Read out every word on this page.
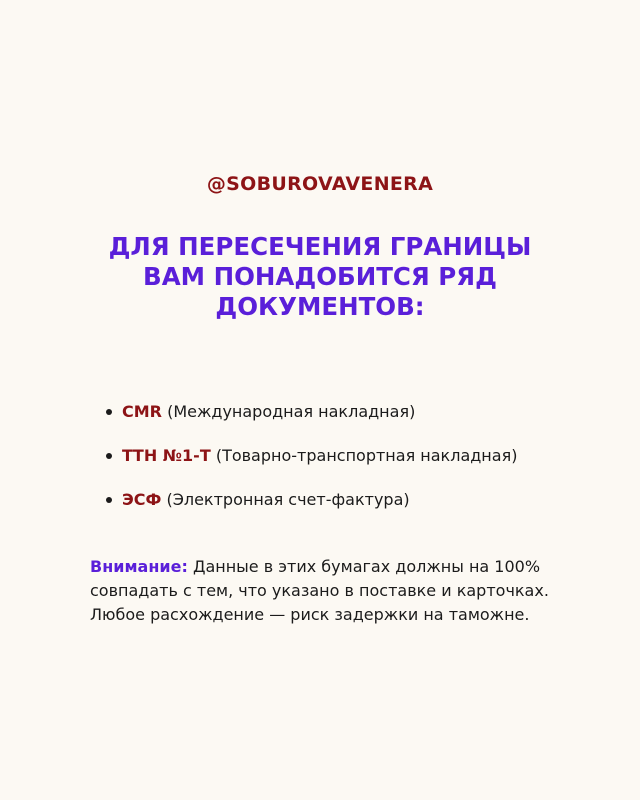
@SOBUROVAVENERA
ДЛЯ ПЕРЕСЕЧЕНИЯ ГРАНИЦЫ
ВАМ ПОНАДОБИТСЯ РЯД
ДОКУМЕНТОВ:
CMR (Международная накладная)
ТТН №1-Т (Товарно-транспортная накладная)
ЭСФ (Электронная счет-фактура)

Внимание: Данные в этих бумагах должны на 100% совпадать с тем, что указано в поставке и карточках.

Любое расхождение — риск задержки на таможне.
